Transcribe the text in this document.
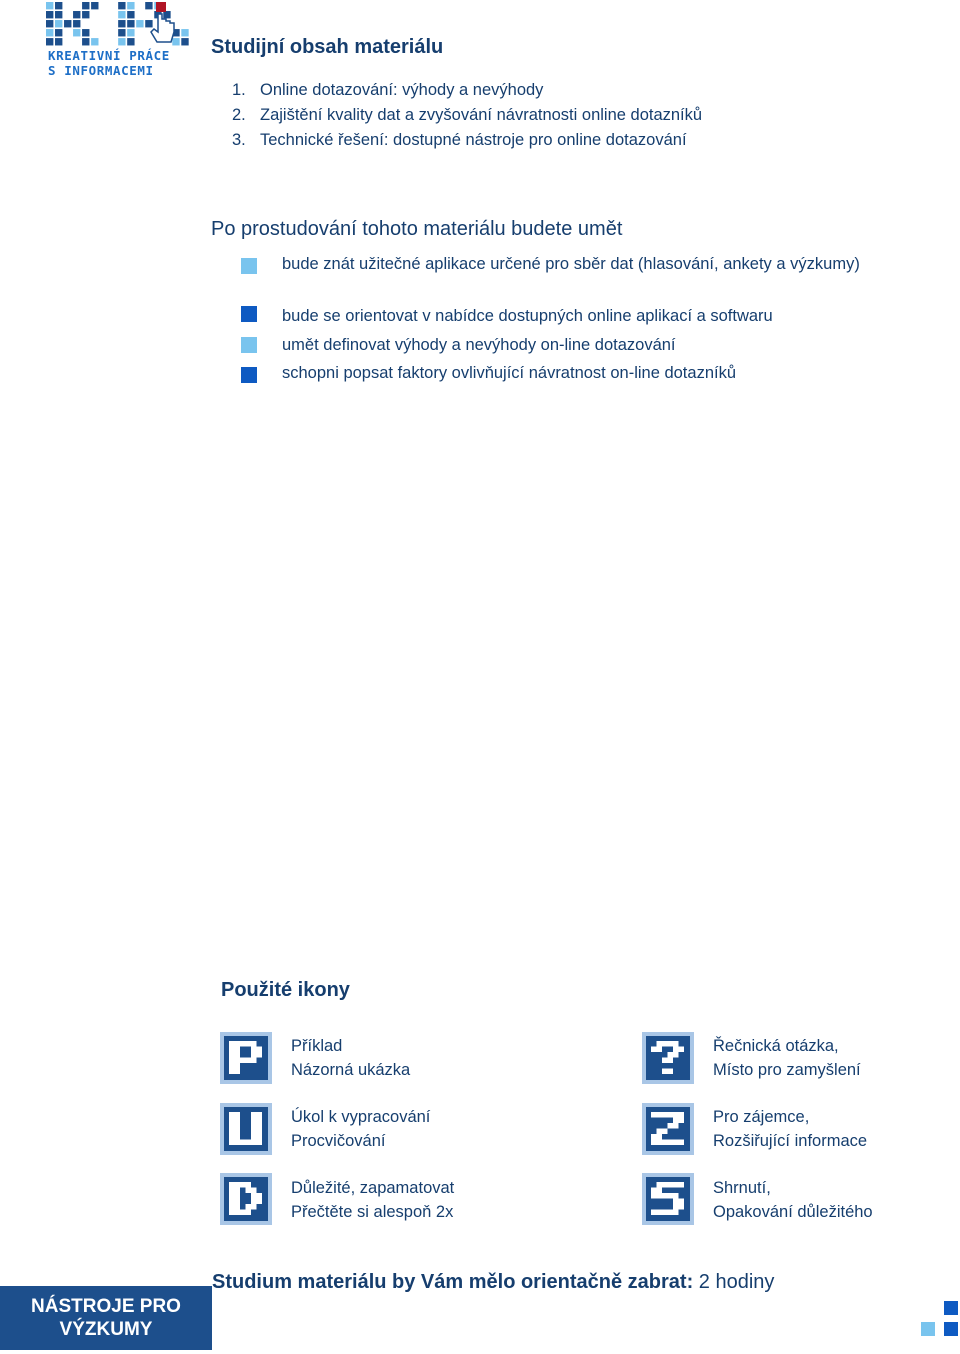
KREATIVNÍ PRÁCE
S INFORMACEMI
Studijní obsah materiálu
1. Online dotazování: výhody a nevýhody
2. Zajištění kvality dat a zvyšování návratnosti online dotazníků
3. Technické řešení: dostupné nástroje pro online dotazování
Po prostudování tohoto materiálu budete umět
bude znát užitečné aplikace určené pro sběr dat (hlasování, ankety a výzkumy)
bude se orientovat v nabídce dostupných online aplikací a softwaru
umět definovat výhody a nevýhody on-line dotazování
schopni popsat faktory ovlivňující návratnost on-line dotazníků
Použité ikony
Příklad
Názorná ukázka
Úkol k vypracování
Procvičování
Důležité, zapamatovat
Přečtěte si alespoň 2x
Řečnická otázka,
Místo pro zamyšlení
Pro zájemce,
Rozšiřující informace
Shrnutí,
Opakování důležitého
NÁSTROJE PRO
VÝZKUMY
Studium materiálu by Vám mělo orientačně zabrat: 2 hodiny
